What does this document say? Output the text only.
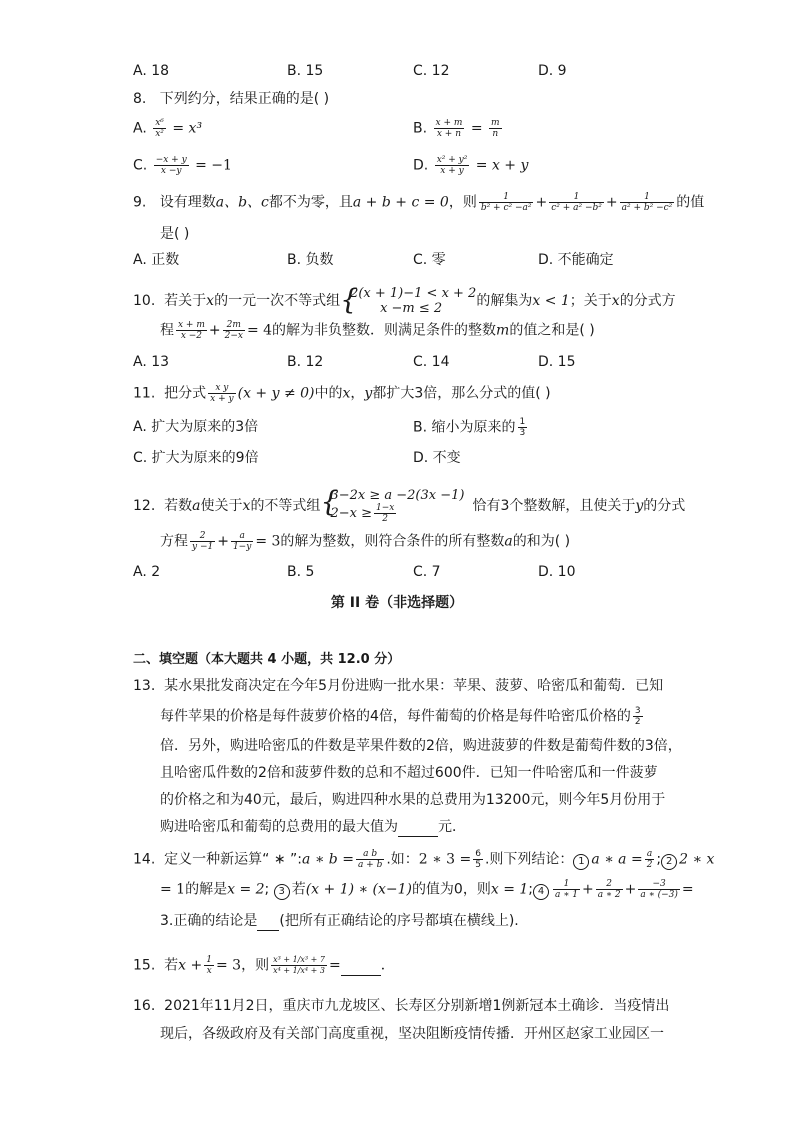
A. 18	B. 15	C. 12	D. 9
8. 下列约分，结果正确的是( )
A. $\frac{\text{x⁶}}{\text{x²}} = x^3$	B. $\frac{x + m}{x + n} = \frac{m}{n}$
C. $\frac{-x + y}{x -y} = -1$	D. $\frac{\text{x² + y²}}{x + y} = x + y$
9. 设有理数a、b、c都不为零，且a + b + c = 0，则 $\frac{1}{\text{b² + c² −a²}} + \frac{1}{\text{c² + a² −b²}} + \frac{1}{\text{a² + b² −c²}}$ 的值
是( )
A. 正数	B. 负数	C. 零	D. 不能确定
10. 若关于x的一元一次不等式组 {
2(x + 1)−1 < x + 2
x −m ≤ 2	的解集为x < 1；关于x的分式方
程 $\frac{x + m}{x -2} + \frac{2m}{2-x} = 4$的解为非负整数．则满足条件的整数m的值之和是( )
A. 13	B. 12	C. 14	D. 15
11. 把分式 $\frac{\text{x y}}{x + y} (x + y \ne 0)$中的x，y都扩大3倍，那么分式的值( )
A. 扩大为原来的3倍	B. 缩小为原来的 $\frac{1}{3}$
C. 扩大为原来的9倍	D. 不变
12. 若数a使关于x的不等式组 {
3−2x ≥ a −2(3x −1)
$2-x \ge \frac{1-x}{2}$	恰有3个整数解，且使关于y的分式
方程 $\frac{2}{y -1} + \frac{a}{1-y} = 3$的解为整数，则符合条件的所有整数a的和为( )
A. 2	B. 5	C. 7	D. 10
第 II 卷（非选择题）
二、填空题（本大题共 4 小题，共 12.0 分）
13. 某水果批发商决定在今年5月份进购一批水果：苹果、菠萝、哈密瓜和葡萄．已知
每件苹果的价格是每件菠萝价格的4倍，每件葡萄的价格是每件哈密瓜价格的 $\frac{3}{2}$
倍．另外，购进哈密瓜的件数是苹果件数的2倍，购进菠萝的件数是葡萄件数的3倍，
且哈密瓜件数的2倍和菠萝件数的总和不超过600件．已知一件哈密瓜和一件菠萝
的价格之和为40元，最后，购进四种水果的总费用为13200元，则今年5月份用于
购进哈密瓜和葡萄的总费用的最大值为	元．
14. 定义一种新运算“ ∗ ”:a ∗ $b = \frac{\text{a b}}{a + b}$ .如：2 ∗ $3 = \frac{6}{5}$ .则下列结论： 1 a ∗ $a = \frac{a}{2}$ ; 2 2 ∗ x
= 1的解是x = 2; 3 若(x + 1) ∗ (x−1)的值为0，则x = 1; $4 \frac{1}{a ∗ 1} + \frac{2}{a ∗ 2} + \frac{-3}{a ∗ (-3)}$ =
3.正确的结论是 (把所有正确结论的序号都填在横线上).
15. 若$x + \frac{1}{x} = 3$，则 $\frac{\text{x³ + 1/x³ + 7}}{\text{x⁴ + 1/x⁴ + 3}}$ =	．
16. 2021年11月2日，重庆市九龙坡区、长寿区分别新增1例新冠本土确诊．当疫情出
现后，各级政府及有关部门高度重视，坚决阻断疫情传播．开州区赵家工业园区一
